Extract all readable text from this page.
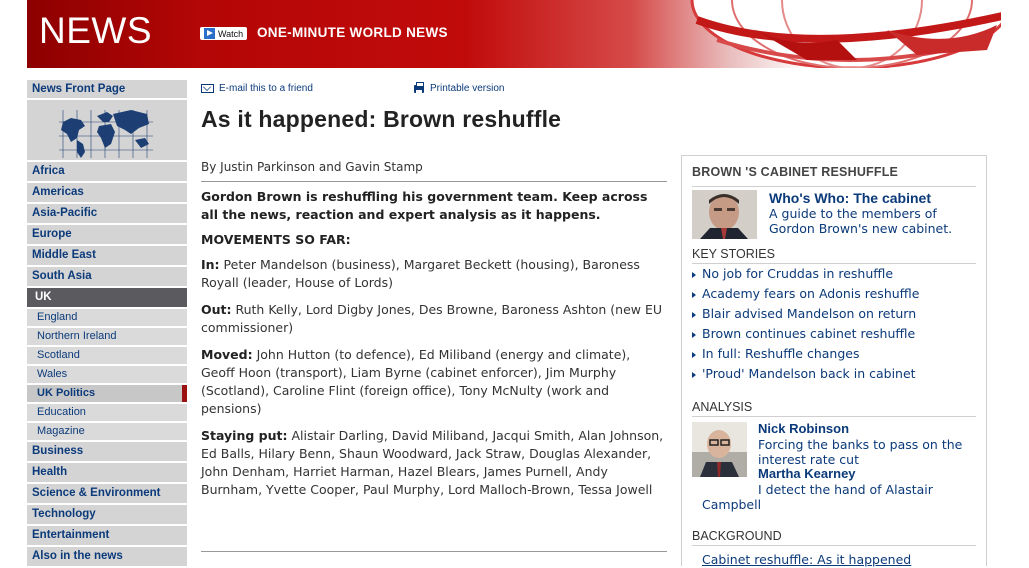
NEWS	Watch ONE-MINUTE WORLD NEWS
News Front Page
Africa
Americas
Asia-Pacific
Europe
Middle East
South Asia
UK
England
Northern Ireland
Scotland
Wales
UK Politics
Education
Magazine
Business
Health
Science & Environment
Technology
Entertainment
Also in the news
E-mail this to a friend	Printable version
As it happened: Brown reshuffle
By Justin Parkinson and Gavin Stamp
Gordon Brown is reshuffling his government team. Keep across all the news, reaction and expert analysis as it happens.
MOVEMENTS SO FAR:
In: Peter Mandelson (business), Margaret Beckett (housing), Baroness Royall (leader, House of Lords)
Out: Ruth Kelly, Lord Digby Jones, Des Browne, Baroness Ashton (new EU commissioner)
Moved: John Hutton (to defence), Ed Miliband (energy and climate), Geoff Hoon (transport), Liam Byrne (cabinet enforcer), Jim Murphy (Scotland), Caroline Flint (foreign office), Tony McNulty (work and pensions)
Staying put: Alistair Darling, David Miliband, Jacqui Smith, Alan Johnson, Ed Balls, Hilary Benn, Shaun Woodward, Jack Straw, Douglas Alexander, John Denham, Harriet Harman, Hazel Blears, James Purnell, Andy Burnham, Yvette Cooper, Paul Murphy, Lord Malloch-Brown, Tessa Jowell
BROWN 'S CABINET RESHUFFLE
Who's Who: The cabinet
A guide to the members of Gordon Brown's new cabinet.
KEY STORIES
No job for Cruddas in reshuffle
Academy fears on Adonis reshuffle
Blair advised Mandelson on return
Brown continues cabinet reshuffle
In full: Reshuffle changes
'Proud' Mandelson back in cabinet
ANALYSIS
Nick Robinson
Forcing the banks to pass on the interest rate cut
Martha Kearney
I detect the hand of Alastair Campbell
BACKGROUND
Cabinet reshuffle: As it happened
